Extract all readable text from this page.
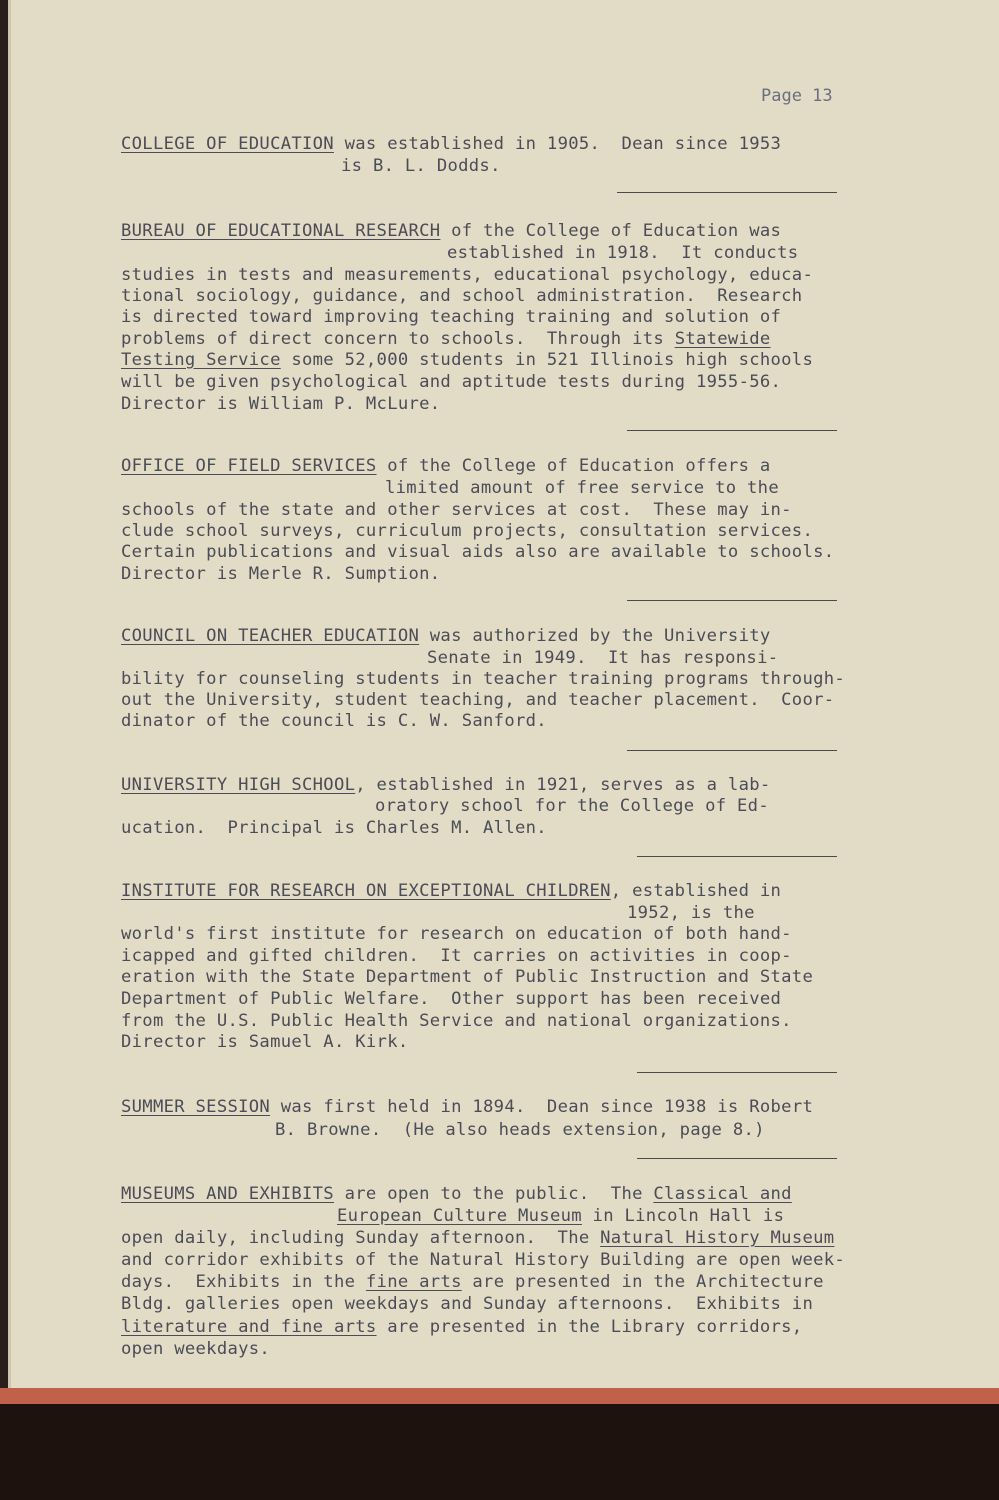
Page 13
COLLEGE OF EDUCATION was established in 1905.  Dean since 1953
is B. L. Dodds.
BUREAU OF EDUCATIONAL RESEARCH of the College of Education was
established in 1918.  It conducts
studies in tests and measurements, educational psychology, educa-
tional sociology, guidance, and school administration.  Research
is directed toward improving teaching training and solution of
problems of direct concern to schools.  Through its Statewide
Testing Service some 52,000 students in 521 Illinois high schools
will be given psychological and aptitude tests during 1955-56.
Director is William P. McLure.
OFFICE OF FIELD SERVICES of the College of Education offers a
limited amount of free service to the
schools of the state and other services at cost.  These may in-
clude school surveys, curriculum projects, consultation services.
Certain publications and visual aids also are available to schools.
Director is Merle R. Sumption.
COUNCIL ON TEACHER EDUCATION was authorized by the University
Senate in 1949.  It has responsi-
bility for counseling students in teacher training programs through-
out the University, student teaching, and teacher placement.  Coor-
dinator of the council is C. W. Sanford.
UNIVERSITY HIGH SCHOOL, established in 1921, serves as a lab-
oratory school for the College of Ed-
ucation.  Principal is Charles M. Allen.
INSTITUTE FOR RESEARCH ON EXCEPTIONAL CHILDREN, established in
1952, is the
world's first institute for research on education of both hand-
icapped and gifted children.  It carries on activities in coop-
eration with the State Department of Public Instruction and State
Department of Public Welfare.  Other support has been received
from the U.S. Public Health Service and national organizations.
Director is Samuel A. Kirk.
SUMMER SESSION was first held in 1894.  Dean since 1938 is Robert
B. Browne.  (He also heads extension, page 8.)
MUSEUMS AND EXHIBITS are open to the public.  The Classical and
European Culture Museum in Lincoln Hall is
open daily, including Sunday afternoon.  The Natural History Museum
and corridor exhibits of the Natural History Building are open week-
days.  Exhibits in the fine arts are presented in the Architecture
Bldg. galleries open weekdays and Sunday afternoons.  Exhibits in
literature and fine arts are presented in the Library corridors,
open weekdays.
